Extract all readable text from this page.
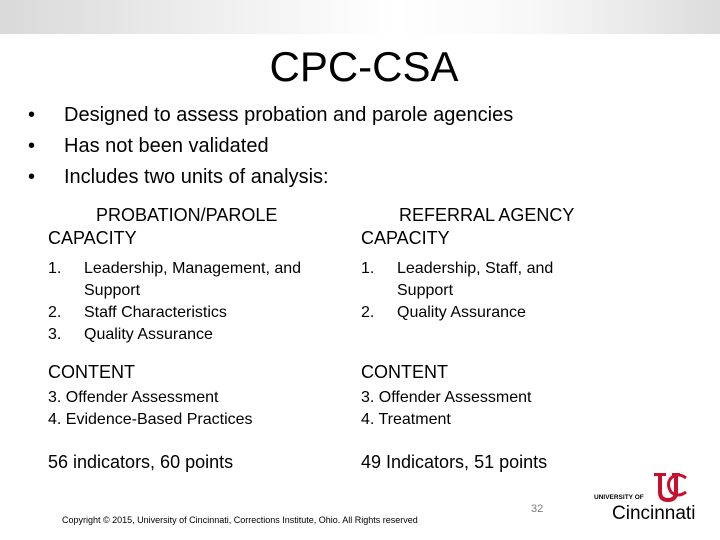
CPC-CSA
•	Designed to assess probation and parole agencies
•	Has not been validated
•	Includes two units of analysis:
PROBATION/PAROLE
CAPACITY
1. Leadership, Management, and Support
2. Staff Characteristics
3. Quality Assurance
CONTENT
3. Offender Assessment
4. Evidence-Based Practices
56 indicators, 60 points
REFERRAL AGENCY
CAPACITY
1. Leadership, Staff, and Support
2. Quality Assurance
CONTENT
3. Offender Assessment
4. Treatment
49 Indicators, 51 points
Copyright © 2015, University of Cincinnati, Corrections Institute, Ohio. All Rights reserved
32
UNIVERSITY OF
Cincinnati
